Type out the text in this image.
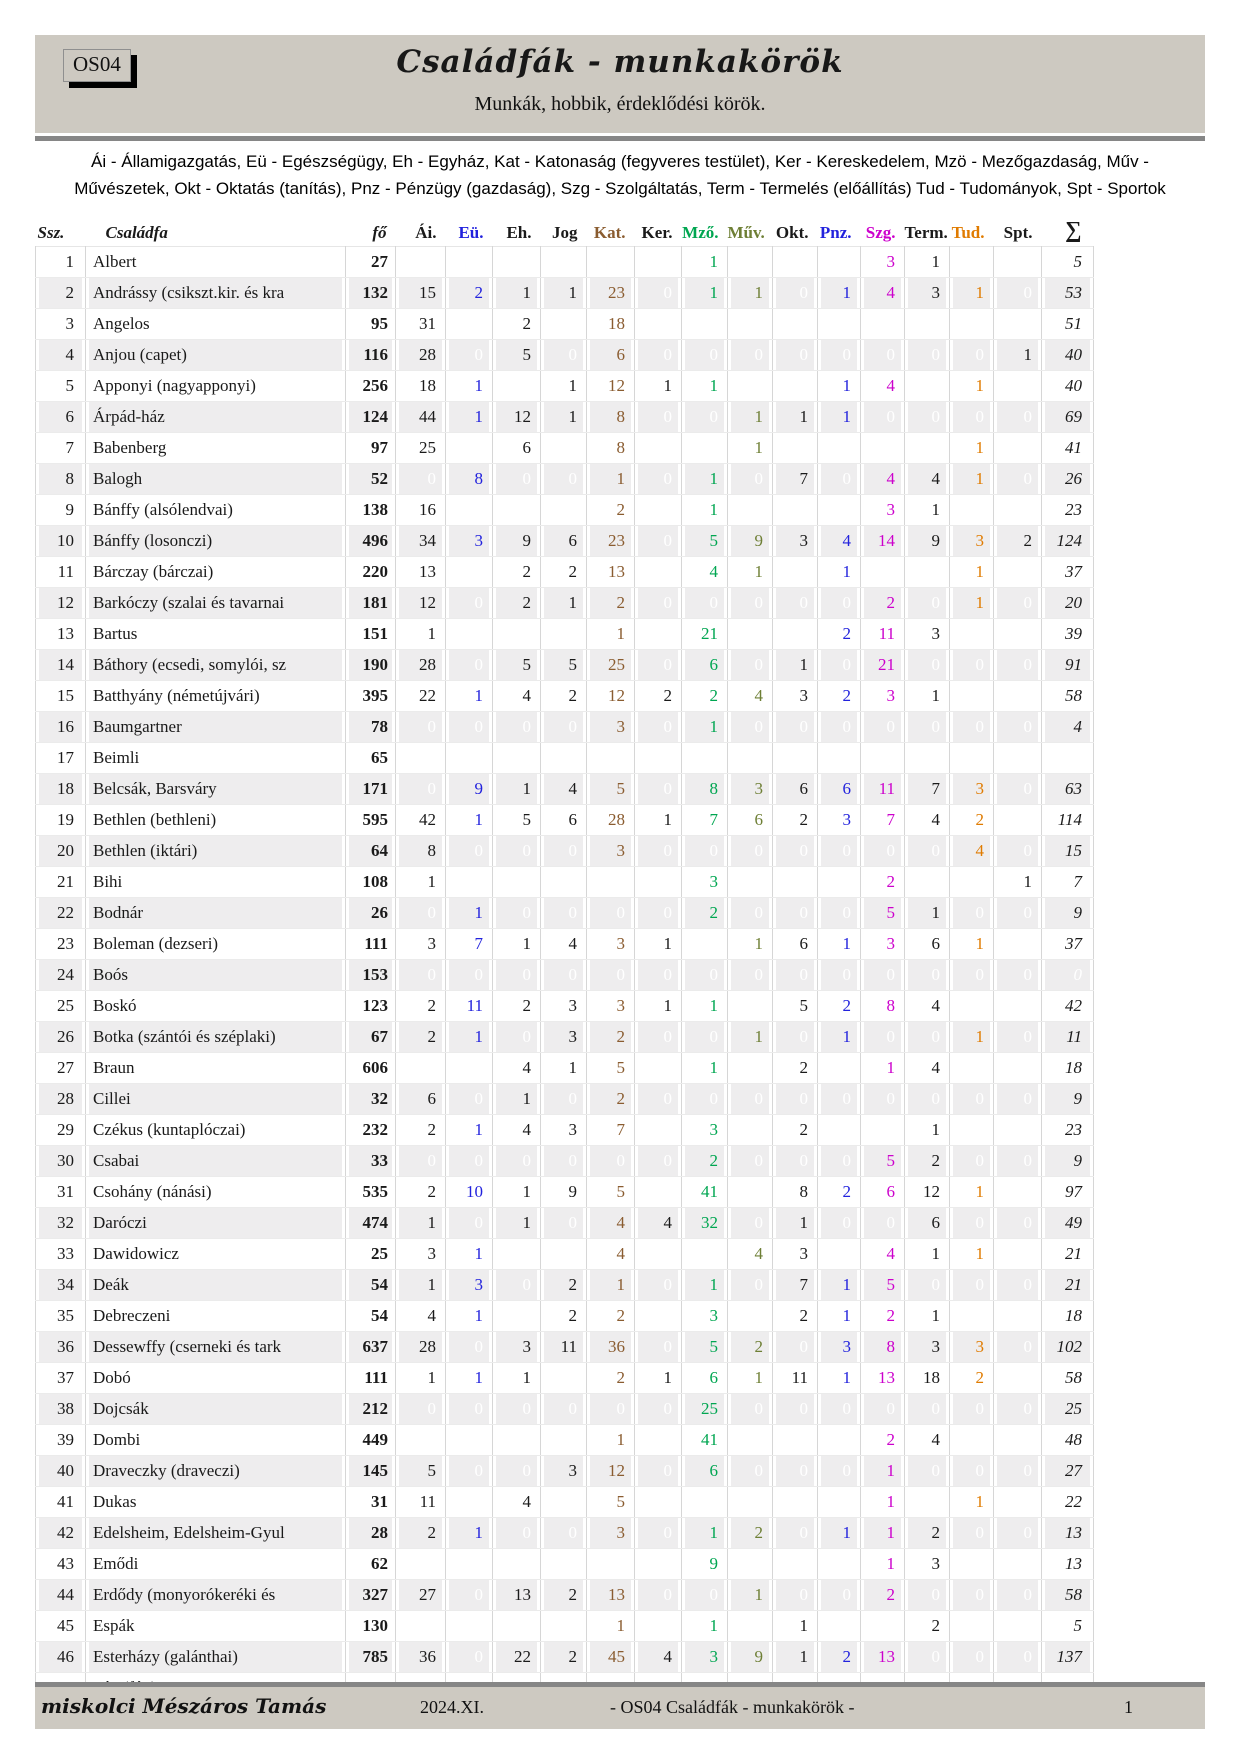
OS04	Családfák - munkakörök
Munkák, hobbik, érdeklődési körök.
Ái - Államigazgatás, Eü - Egészségügy, Eh - Egyház, Kat - Katonaság (fegyveres testület), Ker - Kereskedelem, Mzö - Mezőgazdaság, Műv -
Művészetek, Okt - Oktatás (tanítás), Pnz - Pénzügy (gazdaság), Szg - Szolgáltatás, Term - Termelés (előállítás) Tud - Tudományok, Spt - Sportok
Ssz.	Családfa	fő	Ái.	Eü.	Eh.	Jog	Kat.	Ker.	Mző.	Műv.	Okt.	Pnz.	Szg.	Term.	Tud.	Spt.	∑
1	Albert	27	0	0	0	0	0	0	1	0	0	0	3	1	0	0	5
2	Andrássy (csikszt.kir. és kra	132	15	2	1	1	23	0	1	1	0	1	4	3	1	0	53
3	Angelos	95	31	0	2	0	18	0	0	0	0	0	0	0	0	0	51
4	Anjou (capet)	116	28	0	5	0	6	0	0	0	0	0	0	0	0	1	40
5	Apponyi (nagyapponyi)	256	18	1	0	1	12	1	1	0	0	1	4	0	1	0	40
6	Árpád-ház	124	44	1	12	1	8	0	0	1	1	1	0	0	0	0	69
7	Babenberg	97	25	0	6	0	8	0	0	1	0	0	0	0	1	0	41
8	Balogh	52	0	8	0	0	1	0	1	0	7	0	4	4	1	0	26
9	Bánffy (alsólendvai)	138	16	0	0	0	2	0	1	0	0	0	3	1	0	0	23
10	Bánffy (losonczi)	496	34	3	9	6	23	0	5	9	3	4	14	9	3	2	124
11	Bárczay (bárczai)	220	13	0	2	2	13	0	4	1	0	1	0	0	1	0	37
12	Barkóczy (szalai és tavarnai	181	12	0	2	1	2	0	0	0	0	0	2	0	1	0	20
13	Bartus	151	1	0	0	0	1	0	21	0	0	2	11	3	0	0	39
14	Báthory (ecsedi, somylói, sz	190	28	0	5	5	25	0	6	0	1	0	21	0	0	0	91
15	Batthyány (németújvári)	395	22	1	4	2	12	2	2	4	3	2	3	1	0	0	58
16	Baumgartner	78	0	0	0	0	3	0	1	0	0	0	0	0	0	0	4
17	Beimli	65	0	0	0	0	0	0	0	0	0	0	0	0	0	0	0
18	Belcsák, Barsváry	171	0	9	1	4	5	0	8	3	6	6	11	7	3	0	63
19	Bethlen (bethleni)	595	42	1	5	6	28	1	7	6	2	3	7	4	2	0	114
20	Bethlen (iktári)	64	8	0	0	0	3	0	0	0	0	0	0	0	4	0	15
21	Bihi	108	1	0	0	0	0	0	3	0	0	0	2	0	0	1	7
22	Bodnár	26	0	1	0	0	0	0	2	0	0	0	5	1	0	0	9
23	Boleman (dezseri)	111	3	7	1	4	3	1	0	1	6	1	3	6	1	0	37
24	Boós	153	0	0	0	0	0	0	0	0	0	0	0	0	0	0	0
25	Boskó	123	2	11	2	3	3	1	1	0	5	2	8	4	0	0	42
26	Botka (szántói és széplaki)	67	2	1	0	3	2	0	0	1	0	1	0	0	1	0	11
27	Braun	606	0	0	4	1	5	0	1	0	2	0	1	4	0	0	18
28	Cillei	32	6	0	1	0	2	0	0	0	0	0	0	0	0	0	9
29	Czékus (kuntaplóczai)	232	2	1	4	3	7	0	3	0	2	0	0	1	0	0	23
30	Csabai	33	0	0	0	0	0	0	2	0	0	0	5	2	0	0	9
31	Csohány (nánási)	535	2	10	1	9	5	0	41	0	8	2	6	12	1	0	97
32	Daróczi	474	1	0	1	0	4	4	32	0	1	0	0	6	0	0	49
33	Dawidowicz	25	3	1	0	0	4	0	0	4	3	0	4	1	1	0	21
34	Deák	54	1	3	0	2	1	0	1	0	7	1	5	0	0	0	21
35	Debreczeni	54	4	1	0	2	2	0	3	0	2	1	2	1	0	0	18
36	Dessewffy (cserneki és tark	637	28	0	3	11	36	0	5	2	0	3	8	3	3	0	102
37	Dobó	111	1	1	1	0	2	1	6	1	11	1	13	18	2	0	58
38	Dojcsák	212	0	0	0	0	0	0	25	0	0	0	0	0	0	0	25
39	Dombi	449	0	0	0	0	1	0	41	0	0	0	2	4	0	0	48
40	Draveczky (draveczi)	145	5	0	0	3	12	0	6	0	0	0	1	0	0	0	27
41	Dukas	31	11	0	4	0	5	0	0	0	0	0	1	0	1	0	22
42	Edelsheim, Edelsheim-Gyul	28	2	1	0	0	3	0	1	2	0	1	1	2	0	0	13
43	Emődi	62	0	0	0	0	0	0	9	0	0	0	1	3	0	0	13
44	Erdődy (monyorókeréki és	327	27	0	13	2	13	0	0	1	0	0	2	0	0	0	58
45	Espák	130	0	0	0	0	1	0	1	0	1	0	0	2	0	0	5
46	Esterházy (galánthai)	785	36	0	22	2	45	4	3	9	1	2	13	0	0	0	137

miskolci Mészáros Tamás	2024.XI.	- OS04 Családfák - munkakörök -	1
